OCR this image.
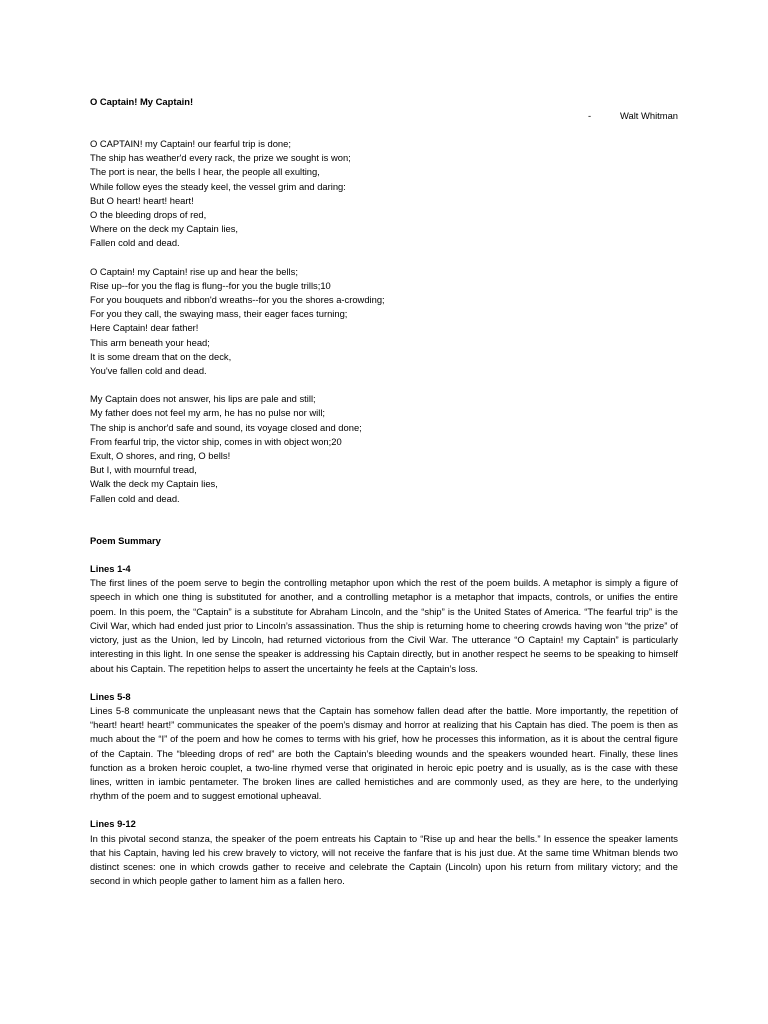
O Captain! My Captain!
-	Walt Whitman
O CAPTAIN! my Captain! our fearful trip is done;
The ship has weather'd every rack, the prize we sought is won;
The port is near, the bells I hear, the people all exulting,
While follow eyes the steady keel, the vessel grim and daring:
But O heart! heart! heart!
O the bleeding drops of red,
Where on the deck my Captain lies,
Fallen cold and dead.
O Captain! my Captain! rise up and hear the bells;
Rise up--for you the flag is flung--for you the bugle trills;10
For you bouquets and ribbon'd wreaths--for you the shores a-crowding;
For you they call, the swaying mass, their eager faces turning;
Here Captain! dear father!
This arm beneath your head;
It is some dream that on the deck,
You've fallen cold and dead.
My Captain does not answer, his lips are pale and still;
My father does not feel my arm, he has no pulse nor will;
The ship is anchor'd safe and sound, its voyage closed and done;
From fearful trip, the victor ship, comes in with object won;20
Exult, O shores, and ring, O bells!
But I, with mournful tread,
Walk the deck my Captain lies,
Fallen cold and dead.
Poem Summary
Lines 1-4

The first lines of the poem serve to begin the controlling metaphor upon which the rest of the poem builds. A metaphor is simply a figure of speech in which one thing is substituted for another, and a controlling metaphor is a metaphor that impacts, controls, or unifies the entire poem. In this poem, the “Captain” is a substitute for Abraham Lincoln, and the “ship” is the United States of America. “The fearful trip” is the Civil War, which had ended just prior to Lincoln’s assassination. Thus the ship is returning home to cheering crowds having won “the prize” of victory, just as the Union, led by Lincoln, had returned victorious from the Civil War. The utterance “O Captain! my Captain” is particularly interesting in this light. In one sense the speaker is addressing his Captain directly, but in another respect he seems to be speaking to himself about his Captain. The repetition helps to assert the uncertainty he feels at the Captain’s loss.

Lines 5-8

Lines 5-8 communicate the unpleasant news that the Captain has somehow fallen dead after the battle. More importantly, the repetition of “heart! heart! heart!” communicates the speaker of the poem’s dismay and horror at realizing that his Captain has died. The poem is then as much about the “I” of the poem and how he comes to terms with his grief, how he processes this information, as it is about the central figure of the Captain. The “bleeding drops of red” are both the Captain’s bleeding wounds and the speakers wounded heart. Finally, these lines function as a broken heroic couplet, a two-line rhymed verse that originated in heroic epic poetry and is usually, as is the case with these lines, written in iambic pentameter. The broken lines are called hemistiches and are commonly used, as they are here, to the underlying rhythm of the poem and to suggest emotional upheaval.

Lines 9-12

In this pivotal second stanza, the speaker of the poem entreats his Captain to “Rise up and hear the bells.” In essence the speaker laments that his Captain, having led his crew bravely to victory, will not receive the fanfare that is his just due. At the same time Whitman blends two distinct scenes: one in which crowds gather to receive and celebrate the Captain (Lincoln) upon his return from military victory; and the second in which people gather to lament him as a fallen hero.
